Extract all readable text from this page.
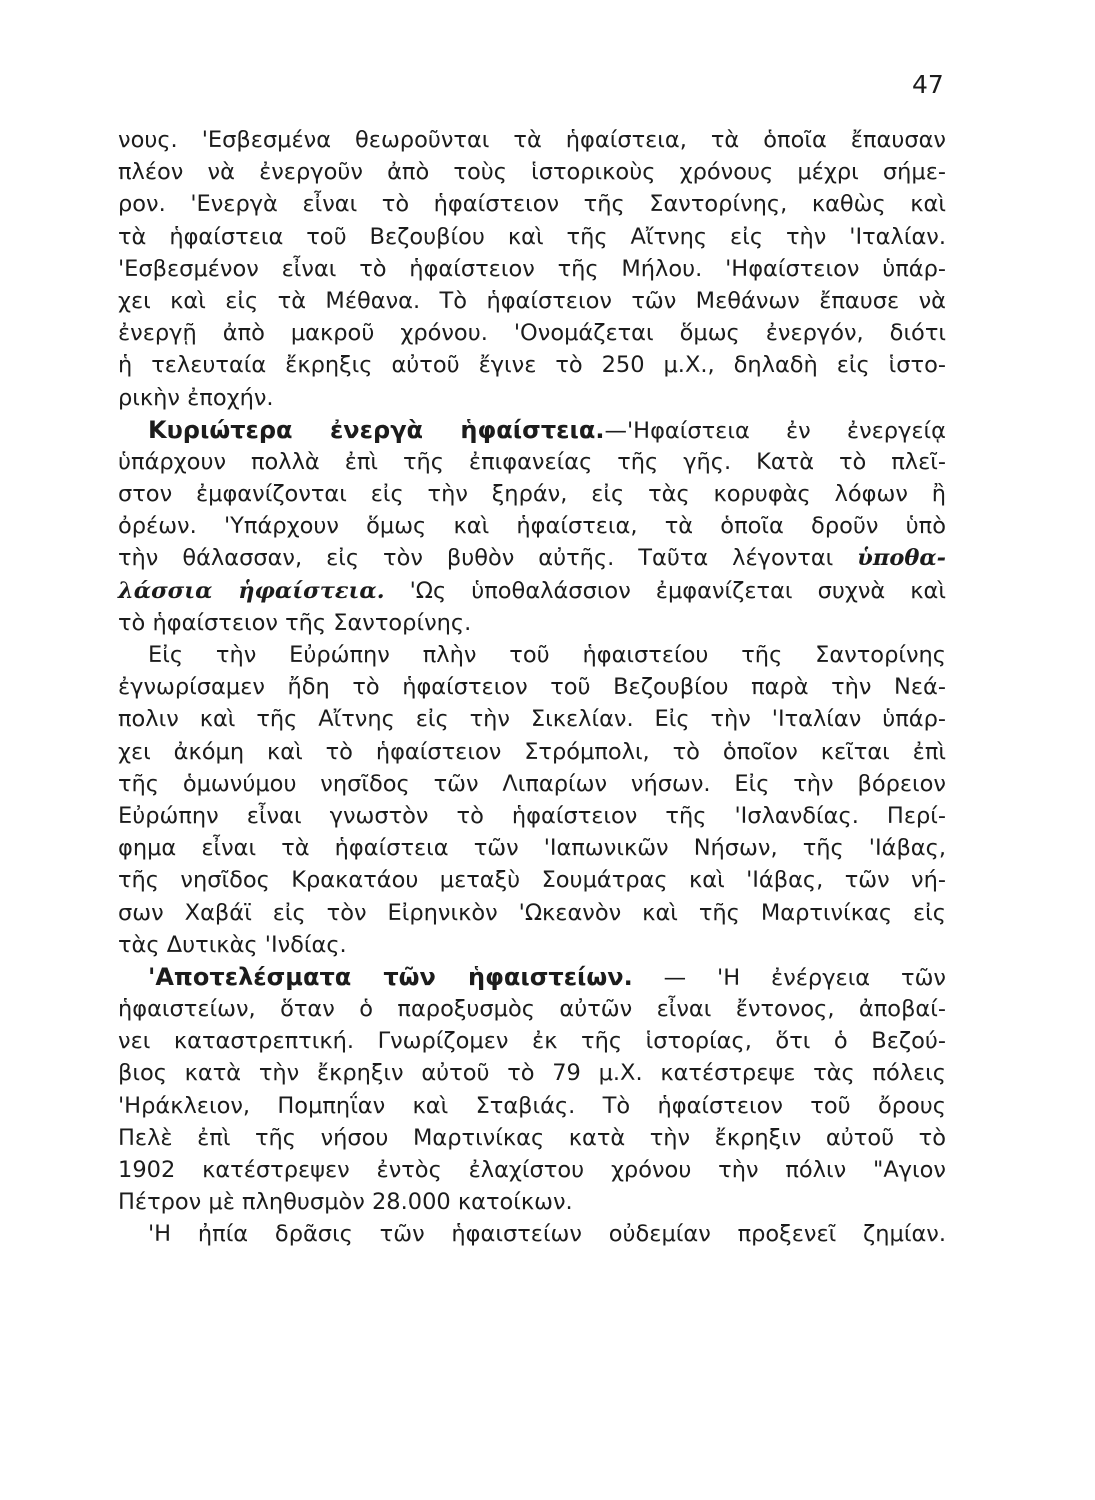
47
νους. 'Εσβεσμένα θεωροῦνται τὰ ἡφαίστεια, τὰ ὁποῖα ἔπαυσαν
πλέον νὰ ἐνεργοῦν ἀπὸ τοὺς ἱστορικοὺς χρόνους μέχρι σήμε-
ρον. 'Ενεργὰ εἶναι τὸ ἡφαίστειον τῆς Σαντορίνης, καθὼς καὶ
τὰ ἡφαίστεια τοῦ Βεζουβίου καὶ τῆς Αἴτνης εἰς τὴν 'Ιταλίαν.
'Εσβεσμένον εἶναι τὸ ἡφαίστειον τῆς Μήλου. 'Ηφαίστειον ὑπάρ-
χει καὶ εἰς τὰ Μέθανα. Τὸ ἡφαίστειον τῶν Μεθάνων ἔπαυσε νὰ
ἐνεργῇ ἀπὸ μακροῦ χρόνου. 'Ονομάζεται ὅμως ἐνεργόν, διότι
ἡ τελευταία ἔκρηξις αὐτοῦ ἔγινε τὸ 250 μ.Χ., δηλαδὴ εἰς ἱστο-
ρικὴν ἐποχήν.
Κυριώτερα ἐνεργὰ ἡφαίστεια.—'Ηφαίστεια ἐν ἐνεργείᾳ
ὑπάρχουν πολλὰ ἐπὶ τῆς ἐπιφανείας τῆς γῆς. Κατὰ τὸ πλεῖ-
στον ἐμφανίζονται εἰς τὴν ξηράν, εἰς τὰς κορυφὰς λόφων ἢ
ὀρέων. 'Υπάρχουν ὅμως καὶ ἡφαίστεια, τὰ ὁποῖα δροῦν ὑπὸ
τὴν θάλασσαν, εἰς τὸν βυθὸν αὐτῆς. Ταῦτα λέγονται ὑποθα-
λάσσια ἡφαίστεια. 'Ως ὑποθαλάσσιον ἐμφανίζεται συχνὰ καὶ
τὸ ἡφαίστειον τῆς Σαντορίνης.
Εἰς τὴν Εὐρώπην πλὴν τοῦ ἡφαιστείου τῆς Σαντορίνης
ἐγνωρίσαμεν ἤδη τὸ ἡφαίστειον τοῦ Βεζουβίου παρὰ τὴν Νεά-
πολιν καὶ τῆς Αἴτνης εἰς τὴν Σικελίαν. Εἰς τὴν 'Ιταλίαν ὑπάρ-
χει ἀκόμη καὶ τὸ ἡφαίστειον Στρόμπολι, τὸ ὁποῖον κεῖται ἐπὶ
τῆς ὁμωνύμου νησῖδος τῶν Λιπαρίων νήσων. Εἰς τὴν βόρειον
Εὐρώπην εἶναι γνωστὸν τὸ ἡφαίστειον τῆς 'Ισλανδίας. Περί-
φημα εἶναι τὰ ἡφαίστεια τῶν 'Ιαπωνικῶν Νήσων, τῆς 'Ιάβας,
τῆς νησῖδος Κρακατάου μεταξὺ Σουμάτρας καὶ 'Ιάβας, τῶν νή-
σων Χαβάϊ εἰς τὸν Εἰρηνικὸν 'Ωκεανὸν καὶ τῆς Μαρτινίκας εἰς
τὰς Δυτικὰς 'Ινδίας.
'Αποτελέσματα τῶν ἡφαιστείων. — 'Η ἐνέργεια τῶν
ἡφαιστείων, ὅταν ὁ παροξυσμὸς αὐτῶν εἶναι ἔντονος, ἀποβαί-
νει καταστρεπτική. Γνωρίζομεν ἐκ τῆς ἱστορίας, ὅτι ὁ Βεζού-
βιος κατὰ τὴν ἔκρηξιν αὐτοῦ τὸ 79 μ.Χ. κατέστρεψε τὰς πόλεις
'Ηράκλειον, Πομπηΐαν καὶ Σταβιάς. Τὸ ἡφαίστειον τοῦ ὄρους
Πελὲ ἐπὶ τῆς νήσου Μαρτινίκας κατὰ τὴν ἔκρηξιν αὐτοῦ τὸ
1902 κατέστρεψεν ἐντὸς ἐλαχίστου χρόνου τὴν πόλιν "Αγιον
Πέτρον μὲ πληθυσμὸν 28.000 κατοίκων.
'Η ἠπία δρᾶσις τῶν ἡφαιστείων οὐδεμίαν προξενεῖ ζημίαν.
